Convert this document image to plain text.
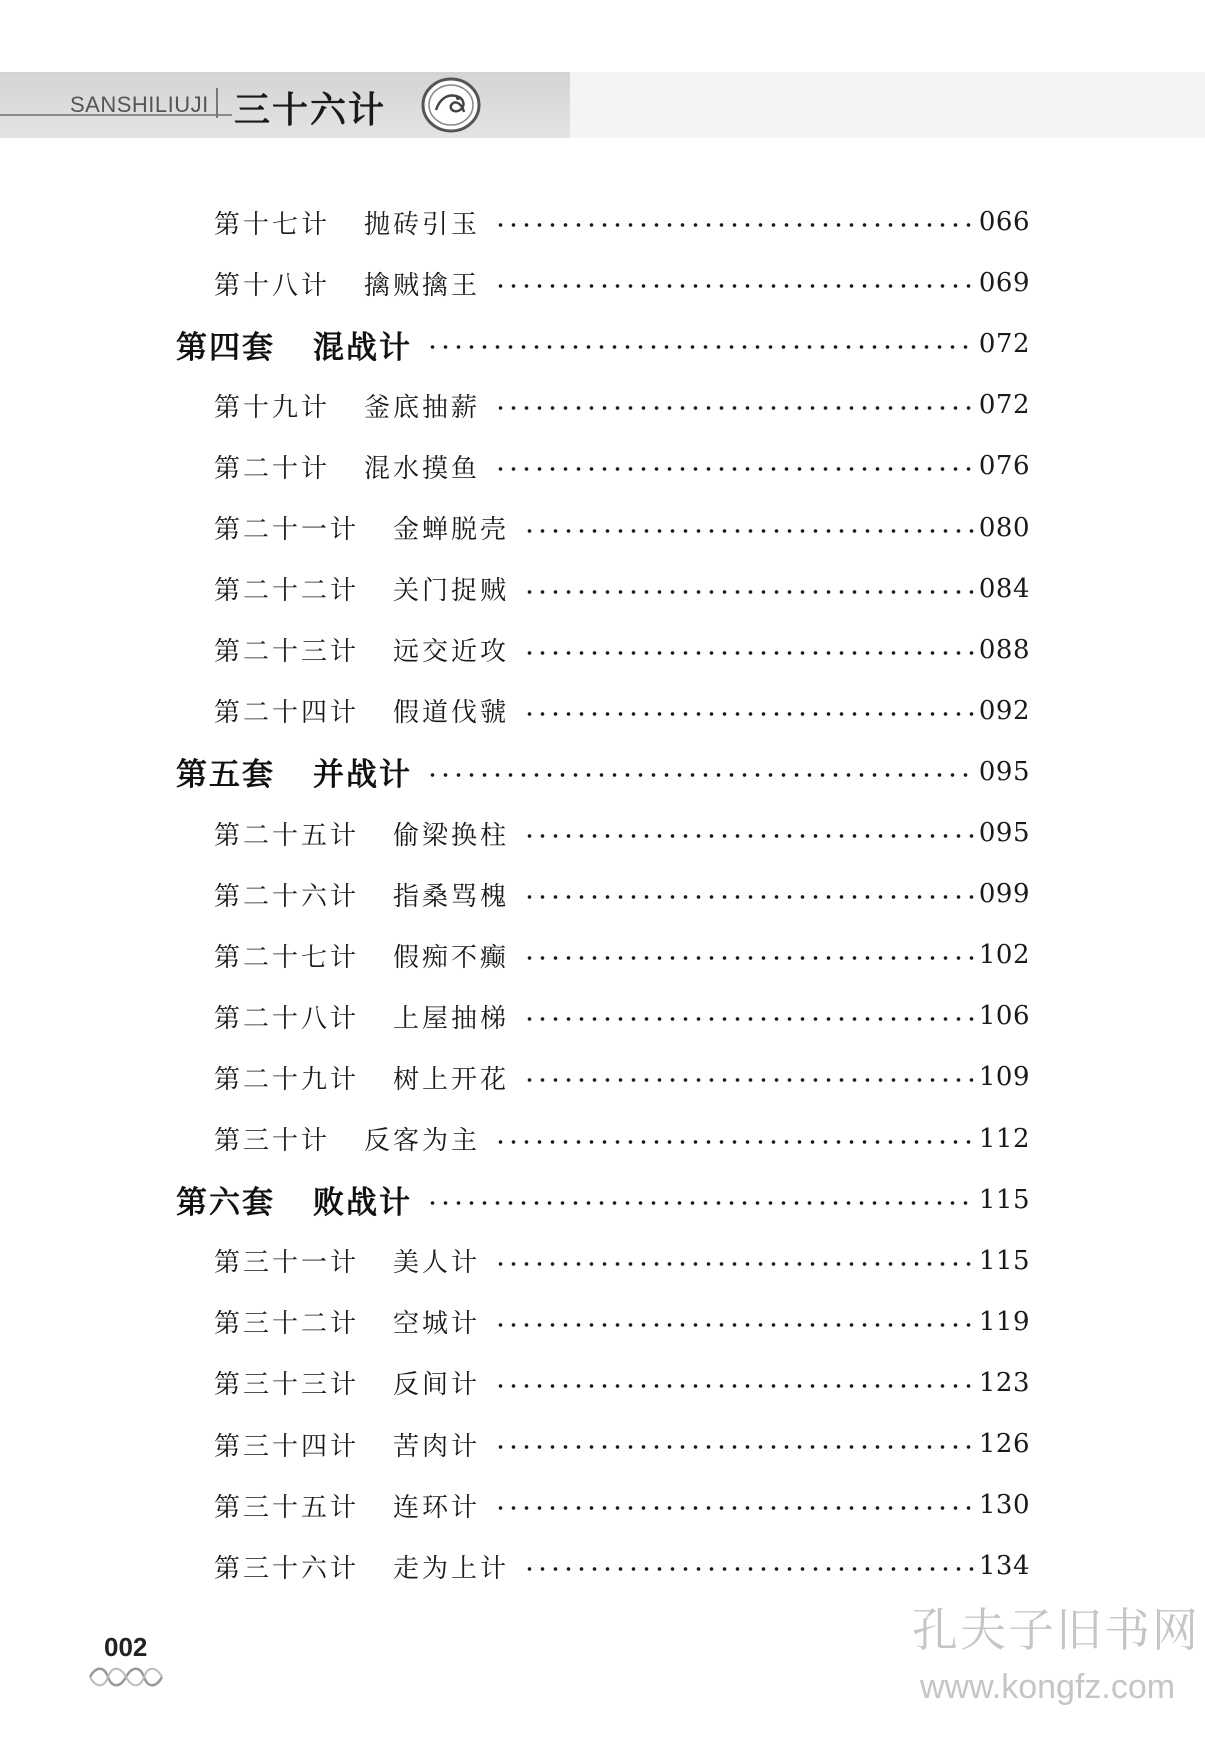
SANSHILIUJI 三十六计
第十七计 抛砖引玉	066
第十八计 擒贼擒王	069
第四套 混战计	072
第十九计 釜底抽薪	072
第二十计 混水摸鱼	076
第二十一计 金蝉脱壳	080
第二十二计 关门捉贼	084
第二十三计 远交近攻	088
第二十四计 假道伐虢	092
第五套 并战计	095
第二十五计 偷梁换柱	095
第二十六计 指桑骂槐	099
第二十七计 假痴不癫	102
第二十八计 上屋抽梯	106
第二十九计 树上开花	109
第三十计 反客为主	112
第六套 败战计	115
第三十一计 美人计	115
第三十二计 空城计	119
第三十三计 反间计	123
第三十四计 苦肉计	126
第三十五计 连环计	130
第三十六计 走为上计	134
002	孔夫子旧书网
www.kongfz.com
